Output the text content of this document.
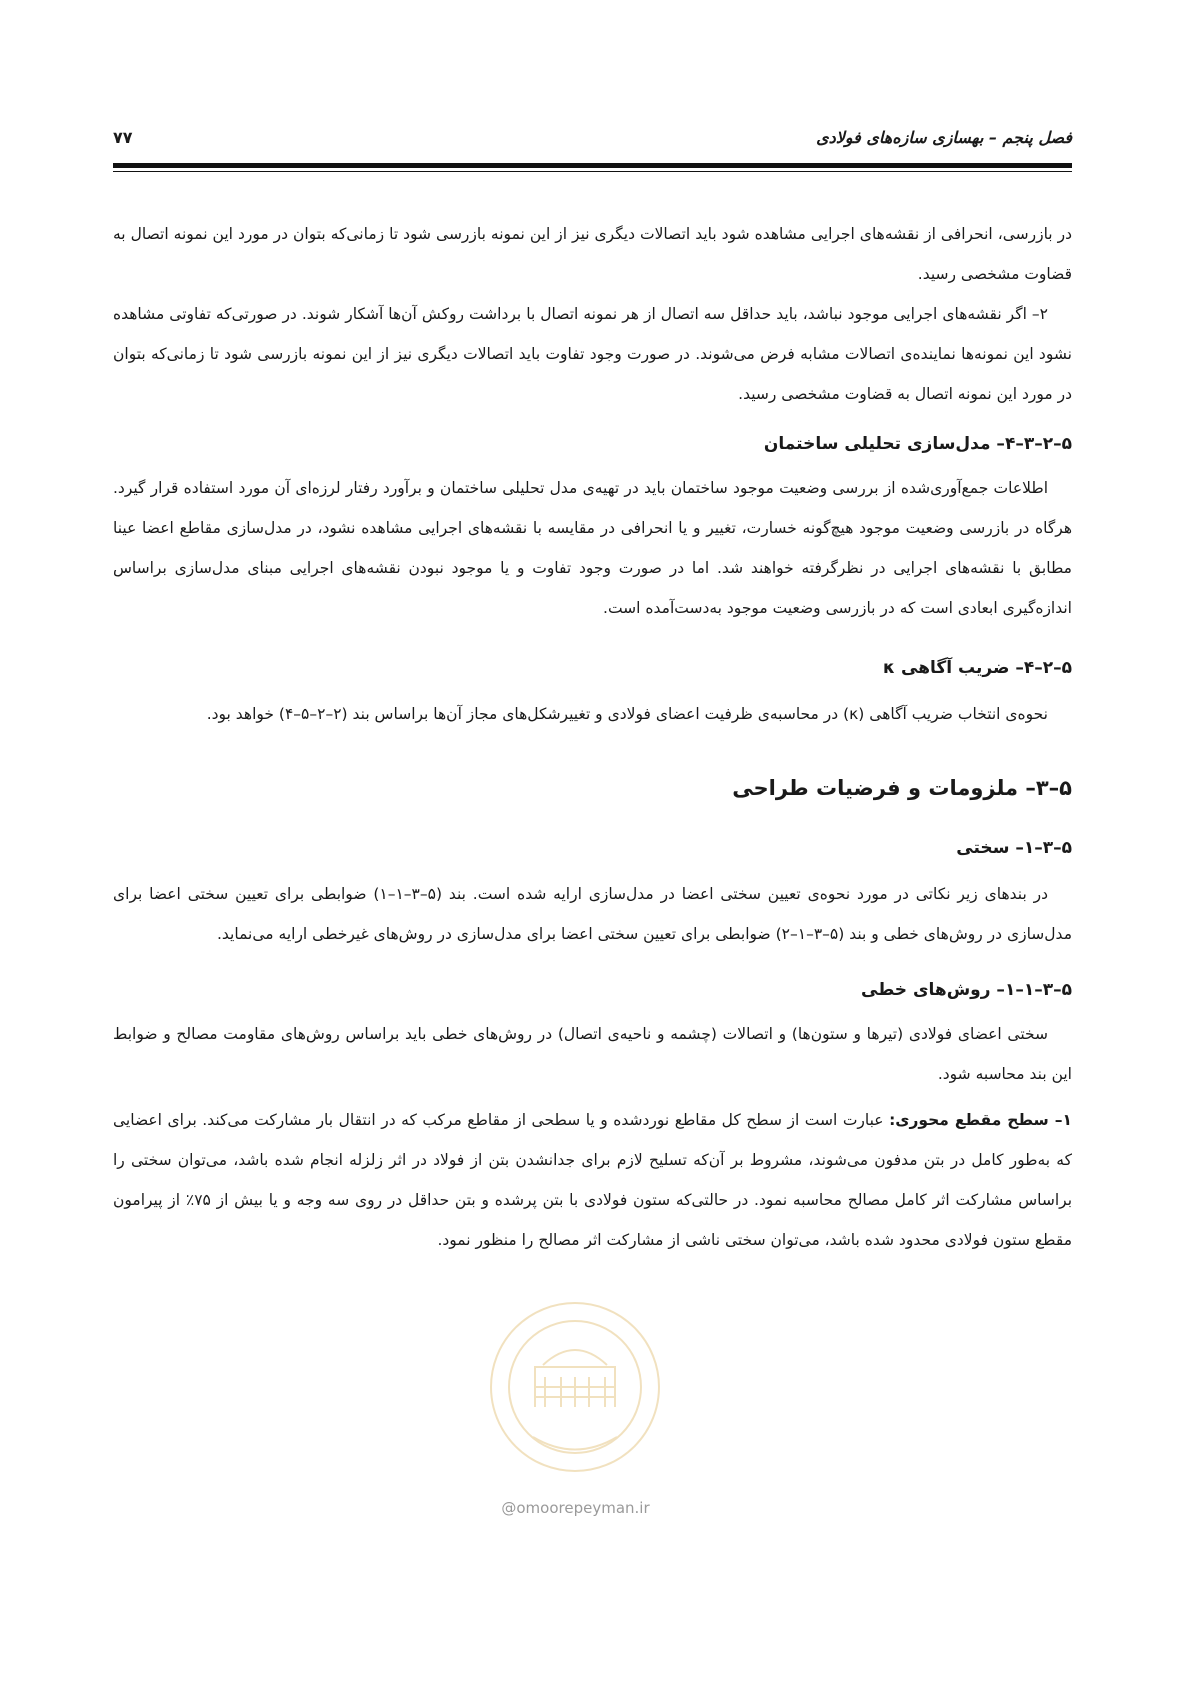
فصل پنجم – بهسازی سازه‌های فولادی
۷۷

در بازرسی، انحرافی از نقشه‌های اجرایی مشاهده شود باید اتصالات دیگری نیز از این نمونه بازرسی شود تا زمانی‌که بتوان در مورد این نمونه اتصال به قضاوت مشخصی رسید.

۲– اگر نقشه‌های اجرایی موجود نباشد، باید حداقل سه اتصال از هر نمونه اتصال با برداشت روکش آن‌ها آشکار شوند. در صورتی‌که تفاوتی مشاهده نشود این نمونه‌ها نماینده‌ی اتصالات مشابه فرض می‌شوند. در صورت وجود تفاوت باید اتصالات دیگری نیز از این نمونه بازرسی شود تا زمانی‌که بتوان در مورد این نمونه اتصال به قضاوت مشخصی رسید.

۵–۲–۳–۴– مدل‌سازی تحلیلی ساختمان

اطلاعات جمع‌آوری‌شده از بررسی وضعیت موجود ساختمان باید در تهیه‌ی مدل تحلیلی ساختمان و برآورد رفتار لرزه‌ای آن مورد استفاده قرار گیرد. هرگاه در بازرسی وضعیت موجود هیچ‌گونه خسارت، تغییر و یا انحرافی در مقایسه با نقشه‌های اجرایی مشاهده نشود، در مدل‌سازی مقاطع اعضا عینا مطابق با نقشه‌های اجرایی در نظرگرفته خواهند شد. اما در صورت وجود تفاوت و یا موجود نبودن نقشه‌های اجرایی مبنای مدل‌سازی براساس اندازه‌گیری ابعادی است که در بازرسی وضعیت موجود به‌دست‌آمده است.

۵–۲–۴– ضریب آگاهی κ

نحوه‌ی انتخاب ضریب آگاهی (κ) در محاسبه‌ی ظرفیت اعضای فولادی و تغییرشکل‌های مجاز آن‌ها براساس بند (۲–۲–۵–۴) خواهد بود.

۵–۳– ملزومات و فرضیات طراحی
۵–۳–۱– سختی

در بندهای زیر نکاتی در مورد نحوه‌ی تعیین سختی اعضا در مدل‌سازی ارایه شده است. بند (۵–۳–۱–۱) ضوابطی برای تعیین سختی اعضا برای مدل‌سازی در روش‌های خطی و بند (۵–۳–۱–۲) ضوابطی برای تعیین سختی اعضا برای مدل‌سازی در روش‌های غیرخطی ارایه می‌نماید.

۵–۳–۱–۱– روش‌های خطی

سختی اعضای فولادی (تیرها و ستون‌ها) و اتصالات (چشمه و ناحیه‌ی اتصال) در روش‌های خطی باید براساس روش‌های مقاومت مصالح و ضوابط این بند محاسبه شود.

۱– سطح مقطع محوری: عبارت است از سطح کل مقاطع نوردشده و یا سطحی از مقاطع مرکب که در انتقال بار مشارکت می‌کند. برای اعضایی که به‌طور کامل در بتن مدفون می‌شوند، مشروط بر آن‌که تسلیح لازم برای جدانشدن بتن از فولاد در اثر زلزله انجام شده باشد، می‌توان سختی را براساس مشارکت اثر کامل مصالح محاسبه نمود. در حالتی‌که ستون فولادی با بتن پرشده و بتن حداقل در روی سه وجه و یا بیش از ۷۵٪ از پیرامون مقطع ستون فولادی محدود شده باشد، می‌توان سختی ناشی از مشارکت اثر مصالح را منظور نمود.

@omoorepeyman.ir
